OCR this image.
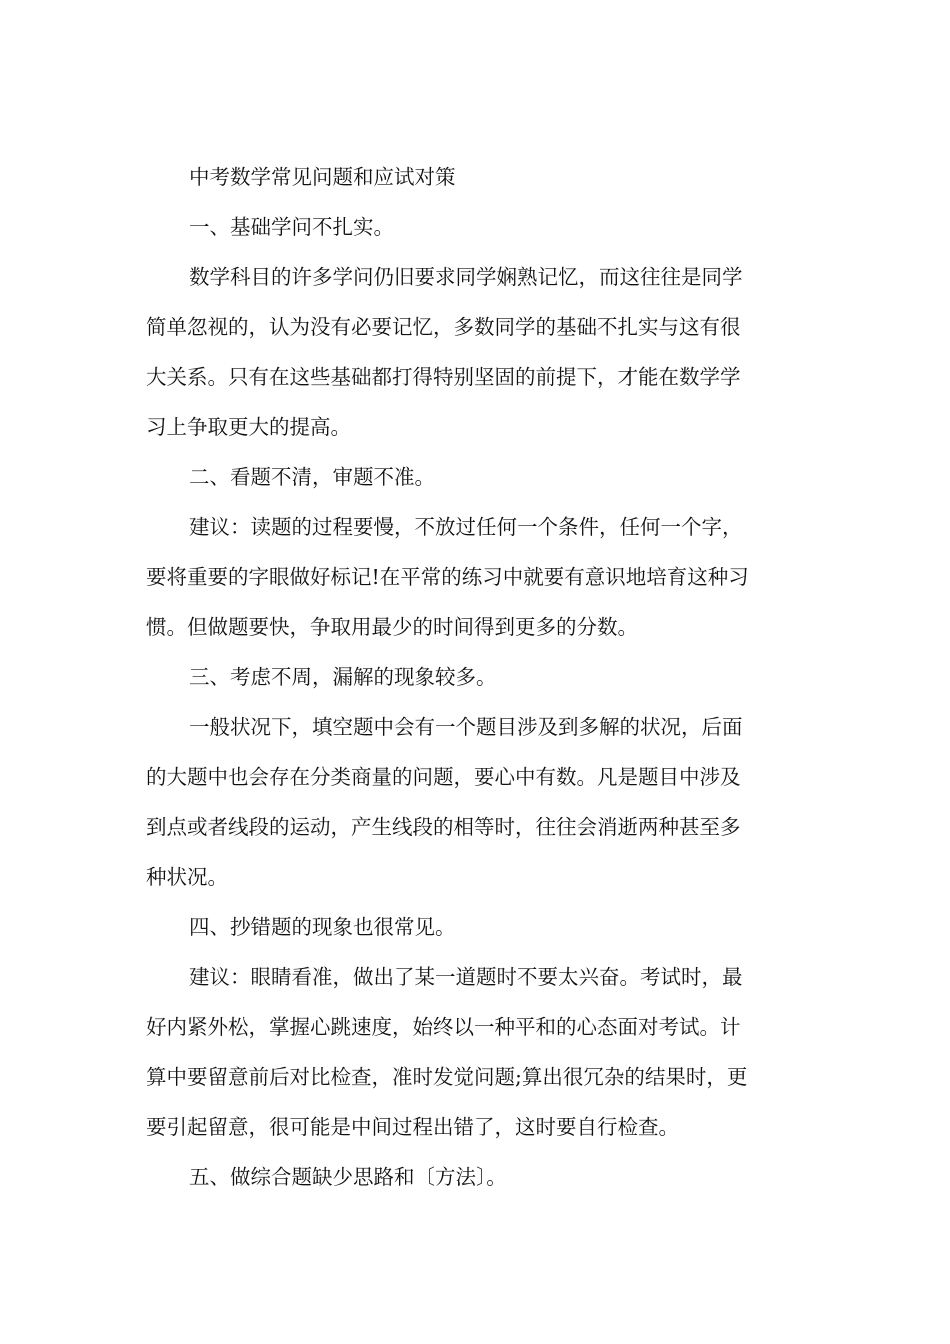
中考数学常见问题和应试对策
一、基础学问不扎实。
数学科目的许多学问仍旧要求同学娴熟记忆，而这往往是同学
简单忽视的，认为没有必要记忆，多数同学的基础不扎实与这有很
大关系。只有在这些基础都打得特别坚固的前提下，才能在数学学
习上争取更大的提高。
二、看题不清，审题不准。
建议：读题的过程要慢，不放过任何一个条件，任何一个字，
要将重要的字眼做好标记!在平常的练习中就要有意识地培育这种习
惯。但做题要快，争取用最少的时间得到更多的分数。
三、考虑不周，漏解的现象较多。
一般状况下，填空题中会有一个题目涉及到多解的状况，后面
的大题中也会存在分类商量的问题，要心中有数。凡是题目中涉及
到点或者线段的运动，产生线段的相等时，往往会消逝两种甚至多
种状况。
四、抄错题的现象也很常见。
建议：眼睛看准，做出了某一道题时不要太兴奋。考试时，最
好内紧外松，掌握心跳速度，始终以一种平和的心态面对考试。计
算中要留意前后对比检查，准时发觉问题;算出很冗杂的结果时，更
要引起留意，很可能是中间过程出错了，这时要自行检查。
五、做综合题缺少思路和〔方法〕。
